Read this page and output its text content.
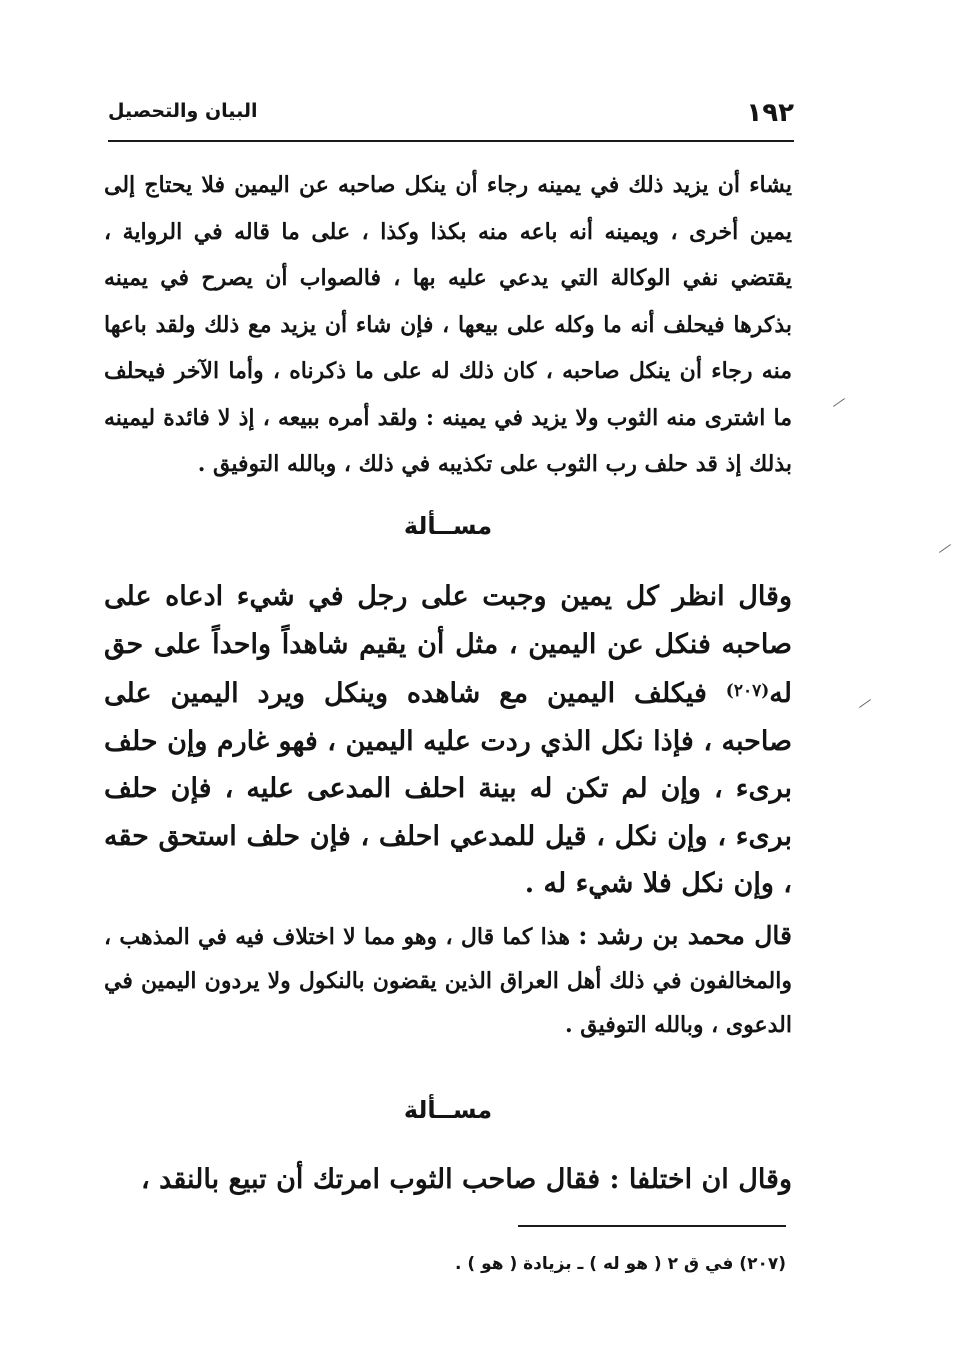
١٩٢
البيان والتحصيل

يشاء أن يزيد ذلك في يمينه رجاء أن ينكل صاحبه عن اليمين فلا يحتاج إلى يمين أخرى ، ويمينه أنه باعه منه بكذا وكذا ، على ما قاله في الرواية ، يقتضي نفي الوكالة التي يدعي عليه بها ، فالصواب أن يصرح في يمينه بذكرها فيحلف أنه ما وكله على بيعها ، فإن شاء أن يزيد مع ذلك ولقد باعها منه رجاء أن ينكل صاحبه ، كان ذلك له على ما ذكرناه ، وأما الآخر فيحلف ما اشترى منه الثوب ولا يزيد في يمينه : ولقد أمره ببيعه ، إذ لا فائدة ليمينه بذلك إذ قد حلف رب الثوب على تكذيبه في ذلك ، وبالله التوفيق .

مســألة

وقال انظر كل يمين وجبت على رجل في شيء ادعاه على صاحبه فنكل عن اليمين ، مثل أن يقيم شاهداً واحداً على حق له$^{(٢٠٧)}$ فيكلف اليمين مع شاهده وينكل ويرد اليمين على صاحبه ، فإذا نكل الذي ردت عليه اليمين ، فهو غارم وإن حلف برىء ، وإن لم تكن له بينة احلف المدعى عليه ، فإن حلف برىء ، وإن نكل ، قيل للمدعي احلف ، فإن حلف استحق حقه ، وإن نكل فلا شيء له .

قال محمد بن رشد : هذا كما قال ، وهو مما لا اختلاف فيه في المذهب ، والمخالفون في ذلك أهل العراق الذين يقضون بالنكول ولا يردون اليمين في الدعوى ، وبالله التوفيق .

مســألة

وقال ان اختلفا : فقال صاحب الثوب امرتك أن تبيع بالنقد ،

(٢٠٧) في ق ٢ ( هو له ) ـ بزيادة ( هو ) .
